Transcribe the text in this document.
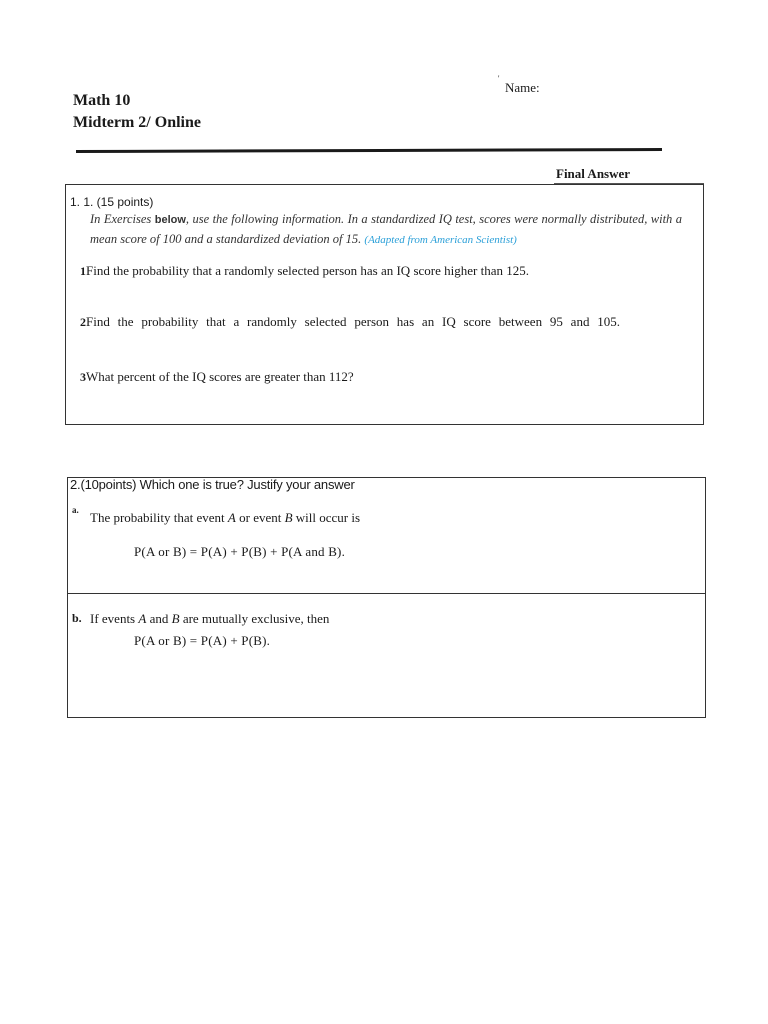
'
Name:
Math 10
Midterm 2/ Online
Final Answer
1. 1. (15 points)
In Exercises below, use the following information. In a standardized IQ test, scores were normally distributed, with a mean score of 100 and a standardized deviation of 15. (Adapted from American Scientist)
1Find the probability that a randomly selected person has an IQ score higher than 125.
2Find the probability that a randomly selected person has an IQ score between 95 and 105.
3What percent of the IQ scores are greater than 112?
2.(10points) Which one is true? Justify your answer
a. The probability that event A or event B will occur is
P(A or B) = P(A) + P(B) + P(A and B).
b. If events A and B are mutually exclusive, then
P(A or B) = P(A) + P(B).
